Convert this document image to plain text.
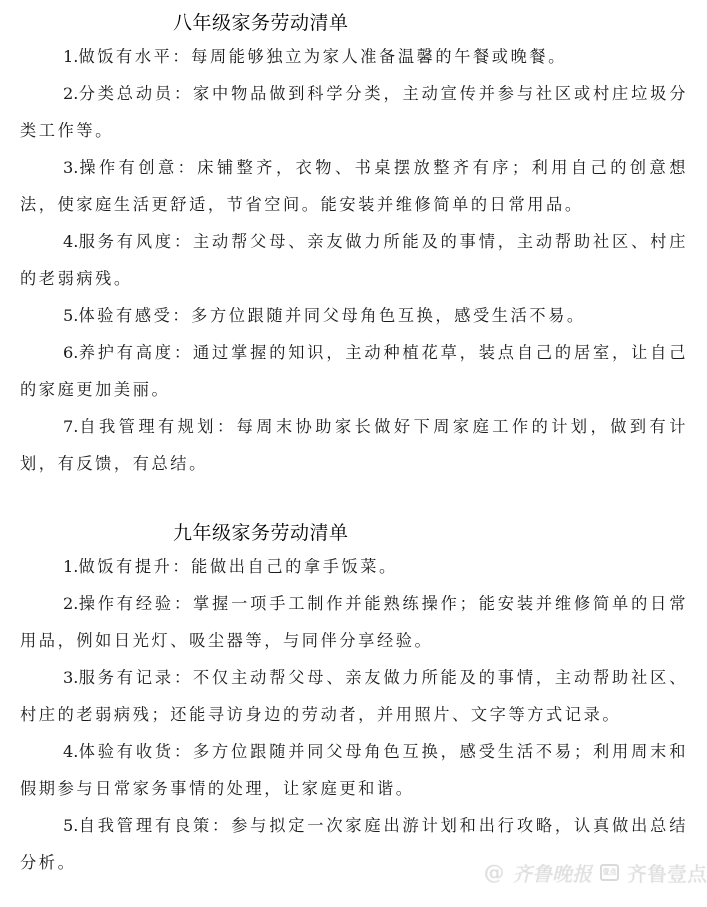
八年级家务劳动清单

1.做饭有水平：每周能够独立为家人准备温馨的午餐或晚餐。

2.分类总动员：家中物品做到科学分类，主动宣传并参与社区或村庄垃圾分类工作等。

3.操作有创意：床铺整齐，衣物、书桌摆放整齐有序；利用自己的创意想法，使家庭生活更舒适，节省空间。能安装并维修简单的日常用品。

4.服务有风度：主动帮父母、亲友做力所能及的事情，主动帮助社区、村庄的老弱病残。

5.体验有感受：多方位跟随并同父母角色互换，感受生活不易。

6.养护有高度：通过掌握的知识，主动种植花草，装点自己的居室，让自己的家庭更加美丽。

7.自我管理有规划：每周末协助家长做好下周家庭工作的计划，做到有计划，有反馈，有总结。

九年级家务劳动清单

1.做饭有提升：能做出自己的拿手饭菜。

2.操作有经验：掌握一项手工制作并能熟练操作；能安装并维修简单的日常用品，例如日光灯、吸尘器等，与同伴分享经验。

3.服务有记录：不仅主动帮父母、亲友做力所能及的事情，主动帮助社区、村庄的老弱病残；还能寻访身边的劳动者，并用照片、文字等方式记录。

4.体验有收货：多方位跟随并同父母角色互换，感受生活不易；利用周末和假期参与日常家务事情的处理，让家庭更和谐。

5.自我管理有良策：参与拟定一次家庭出游计划和出行攻略，认真做出总结分析。	@ 齐鲁晚报	壹点 齐鲁壹点
